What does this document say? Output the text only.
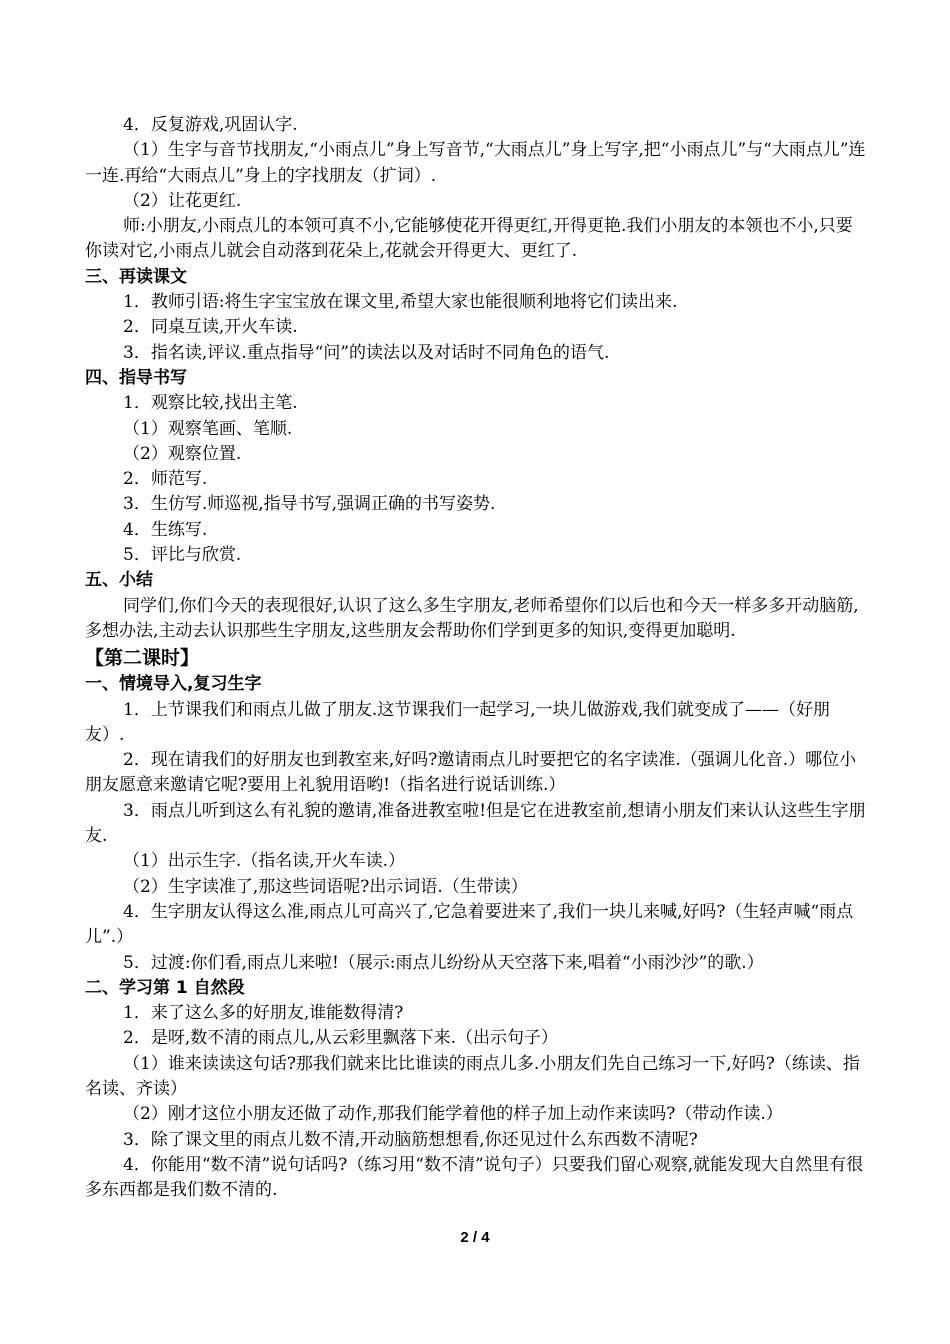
4．反复游戏,巩固认字.

（1）生字与音节找朋友,“小雨点儿”身上写音节,“大雨点儿”身上写字,把“小雨点儿”与“大雨点儿”连一连.再给“大雨点儿”身上的字找朋友（扩词）.

（2）让花更红.

师:小朋友,小雨点儿的本领可真不小,它能够使花开得更红,开得更艳.我们小朋友的本领也不小,只要你读对它,小雨点儿就会自动落到花朵上,花就会开得更大、更红了.

三、再读课文

1．教师引语:将生字宝宝放在课文里,希望大家也能很顺利地将它们读出来.

2．同桌互读,开火车读.

3．指名读,评议.重点指导“问”的读法以及对话时不同角色的语气.

四、指导书写

1．观察比较,找出主笔.

（1）观察笔画、笔顺.

（2）观察位置.

2．师范写.

3．生仿写.师巡视,指导书写,强调正确的书写姿势.

4．生练写.

5．评比与欣赏.

五、小结

同学们,你们今天的表现很好,认识了这么多生字朋友,老师希望你们以后也和今天一样多多开动脑筋,多想办法,主动去认识那些生字朋友,这些朋友会帮助你们学到更多的知识,变得更加聪明.

【第二课时】

一、情境导入,复习生字

1．上节课我们和雨点儿做了朋友.这节课我们一起学习,一块儿做游戏,我们就变成了——（好朋友）.

2．现在请我们的好朋友也到教室来,好吗?邀请雨点儿时要把它的名字读准.（强调儿化音.）哪位小朋友愿意来邀请它呢?要用上礼貌用语哟!（指名进行说话训练.）

3．雨点儿听到这么有礼貌的邀请,准备进教室啦!但是它在进教室前,想请小朋友们来认认这些生字朋友.

（1）出示生字.（指名读,开火车读.）

（2）生字读准了,那这些词语呢?出示词语.（生带读）

4．生字朋友认得这么准,雨点儿可高兴了,它急着要进来了,我们一块儿来喊,好吗?（生轻声喊“雨点儿”.）

5．过渡:你们看,雨点儿来啦!（展示:雨点儿纷纷从天空落下来,唱着“小雨沙沙”的歌.）

二、学习第 1 自然段

1．来了这么多的好朋友,谁能数得清?

2．是呀,数不清的雨点儿,从云彩里飘落下来.（出示句子）

（1）谁来读读这句话?那我们就来比比谁读的雨点儿多.小朋友们先自己练习一下,好吗?（练读、指名读、齐读）

（2）刚才这位小朋友还做了动作,那我们能学着他的样子加上动作来读吗?（带动作读.）

3．除了课文里的雨点儿数不清,开动脑筋想想看,你还见过什么东西数不清呢?

4．你能用“数不清”说句话吗?（练习用“数不清”说句子）只要我们留心观察,就能发现大自然里有很多东西都是我们数不清的.

2 / 4
